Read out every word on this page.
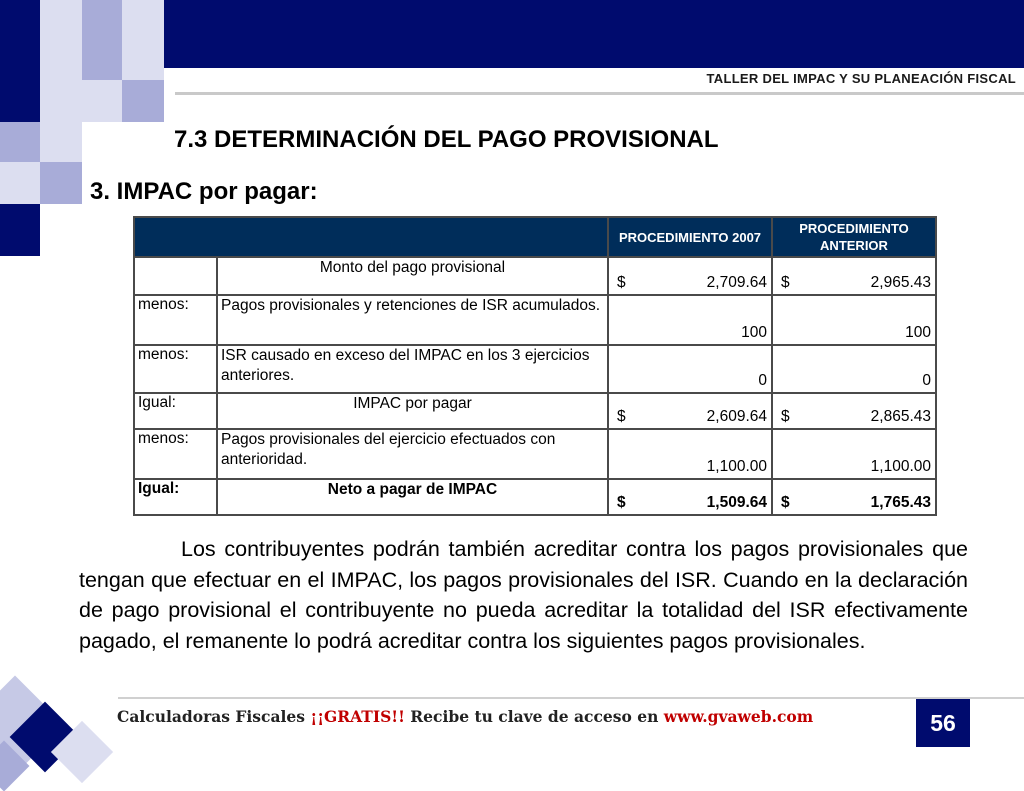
TALLER DEL IMPAC Y SU PLANEACIÓN FISCAL
7.3 DETERMINACIÓN DEL PAGO PROVISIONAL
3. IMPAC por pagar:
		PROCEDIMIENTO 2007	PROCEDIMIENTO ANTERIOR
	Monto del pago provisional	$ 2,709.64	$ 2,965.43

menos:	Pagos provisionales y retenciones de ISR acumulados.	100	100

menos:	ISR causado en exceso del IMPAC en los 3 ejercicios anteriores.	0	0

Igual:	IMPAC por pagar	$ 2,609.64	$ 2,865.43

menos:	Pagos provisionales del ejercicio efectuados con anterioridad.	1,100.00	1,100.00

Igual:	Neto a pagar de IMPAC	$ 1,509.64	$ 1,765.43
Los contribuyentes podrán también acreditar contra los pagos provisionales que tengan que efectuar en el IMPAC, los pagos provisionales del ISR. Cuando en la declaración de pago provisional el contribuyente no pueda acreditar la totalidad del ISR efectivamente pagado, el remanente lo podrá acreditar contra los siguientes pagos provisionales.
Calculadoras Fiscales ¡¡GRATIS!! Recibe tu clave de acceso en www.gvaweb.com	56
